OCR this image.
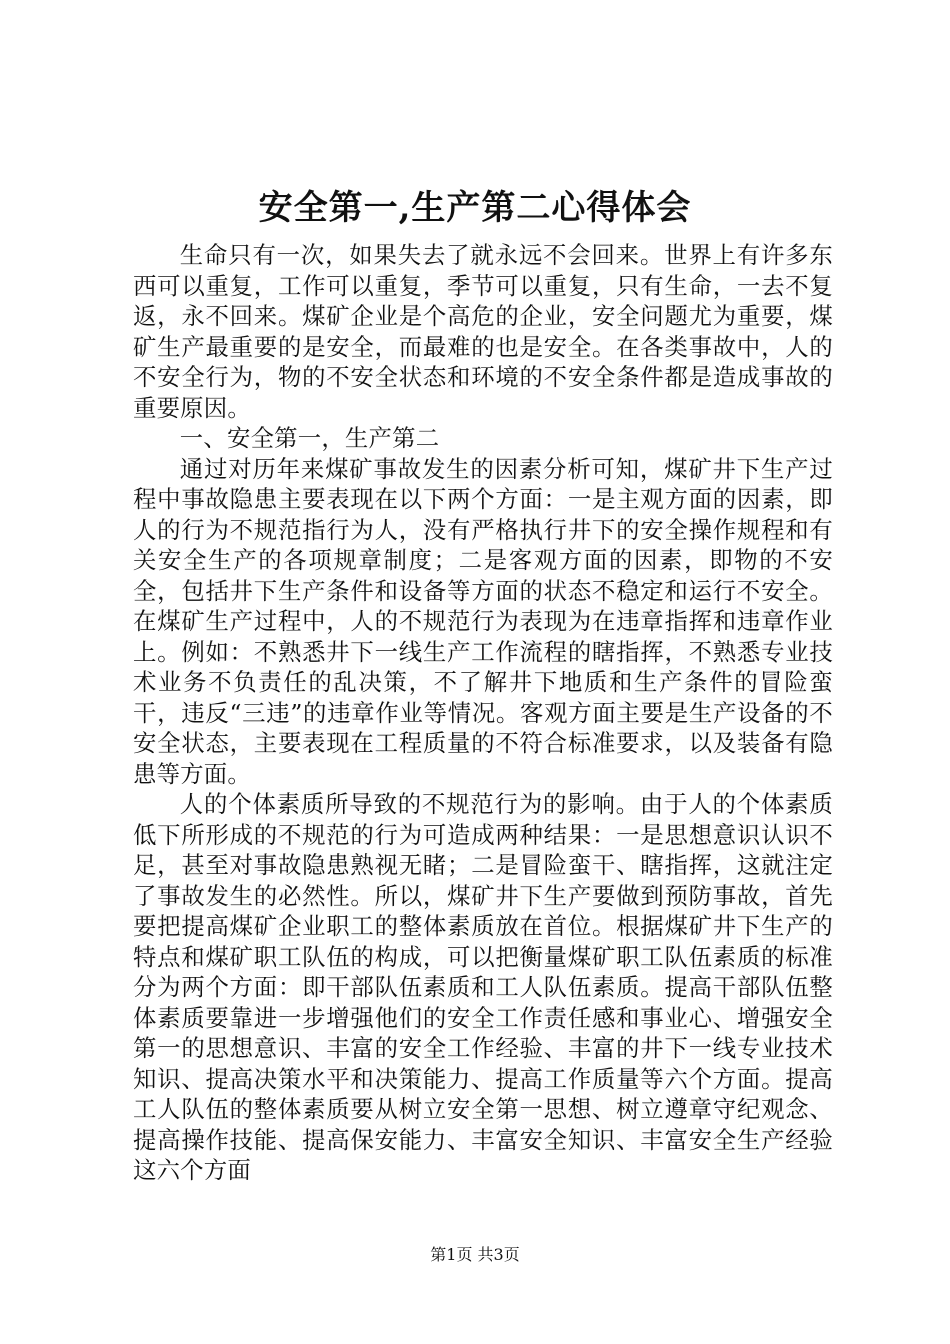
安全第一,生产第二心得体会

生命只有一次，如果失去了就永远不会回来。世界上有许多东西可以重复，工作可以重复，季节可以重复，只有生命，一去不复返，永不回来。煤矿企业是个高危的企业，安全问题尤为重要，煤矿生产最重要的是安全，而最难的也是安全。在各类事故中，人的不安全行为，物的不安全状态和环境的不安全条件都是造成事故的重要原因。

一、安全第一，生产第二

通过对历年来煤矿事故发生的因素分析可知，煤矿井下生产过程中事故隐患主要表现在以下两个方面：一是主观方面的因素，即人的行为不规范指行为人，没有严格执行井下的安全操作规程和有关安全生产的各项规章制度；二是客观方面的因素，即物的不安全，包括井下生产条件和设备等方面的状态不稳定和运行不安全。在煤矿生产过程中，人的不规范行为表现为在违章指挥和违章作业上。例如：不熟悉井下一线生产工作流程的瞎指挥，不熟悉专业技术业务不负责任的乱决策，不了解井下地质和生产条件的冒险蛮干，违反“三违”的违章作业等情况。客观方面主要是生产设备的不安全状态，主要表现在工程质量的不符合标准要求，以及装备有隐患等方面。

人的个体素质所导致的不规范行为的影响。由于人的个体素质低下所形成的不规范的行为可造成两种结果：一是思想意识认识不足，甚至对事故隐患熟视无睹；二是冒险蛮干、瞎指挥，这就注定了事故发生的必然性。所以，煤矿井下生产要做到预防事故，首先要把提高煤矿企业职工的整体素质放在首位。根据煤矿井下生产的特点和煤矿职工队伍的构成，可以把衡量煤矿职工队伍素质的标准分为两个方面：即干部队伍素质和工人队伍素质。提高干部队伍整体素质要靠进一步增强他们的安全工作责任感和事业心、增强安全第一的思想意识、丰富的安全工作经验、丰富的井下一线专业技术知识、提高决策水平和决策能力、提高工作质量等六个方面。提高工人队伍的整体素质要从树立安全第一思想、树立遵章守纪观念、提高操作技能、提高保安能力、丰富安全知识、丰富安全生产经验这六个方面

第1页 共3页
